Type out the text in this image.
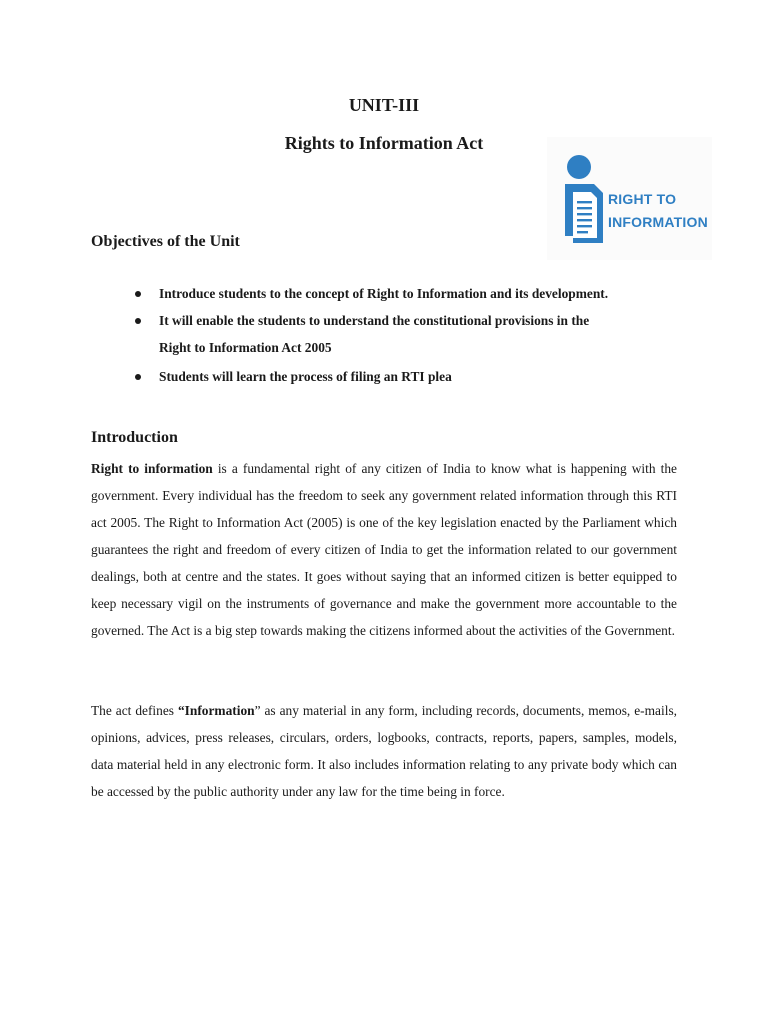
UNIT-III
Rights to Information Act
RIGHT TO
INFORMATION
Objectives of the Unit
Introduce students to the concept of Right to Information and its development.
It will enable the students to understand the constitutional provisions in the
Right to Information Act 2005
Students will learn the process of filing an RTI plea
Introduction

Right to information is a fundamental right of any citizen of India to know what is happening with the government. Every individual has the freedom to seek any government related information through this RTI act 2005. The Right to Information Act (2005) is one of the key legislation enacted by the Parliament which guarantees the right and freedom of every citizen of India to get the information related to our government dealings, both at centre and the states. It goes without saying that an informed citizen is better equipped to keep necessary vigil on the instruments of governance and make the government more accountable to the governed. The Act is a big step towards making the citizens informed about the activities of the Government.

The act defines “Information” as any material in any form, including records, documents, memos, e-mails, opinions, advices, press releases, circulars, orders, logbooks, contracts, reports, papers, samples, models, data material held in any electronic form. It also includes information relating to any private body which can be accessed by the public authority under any law for the time being in force.
